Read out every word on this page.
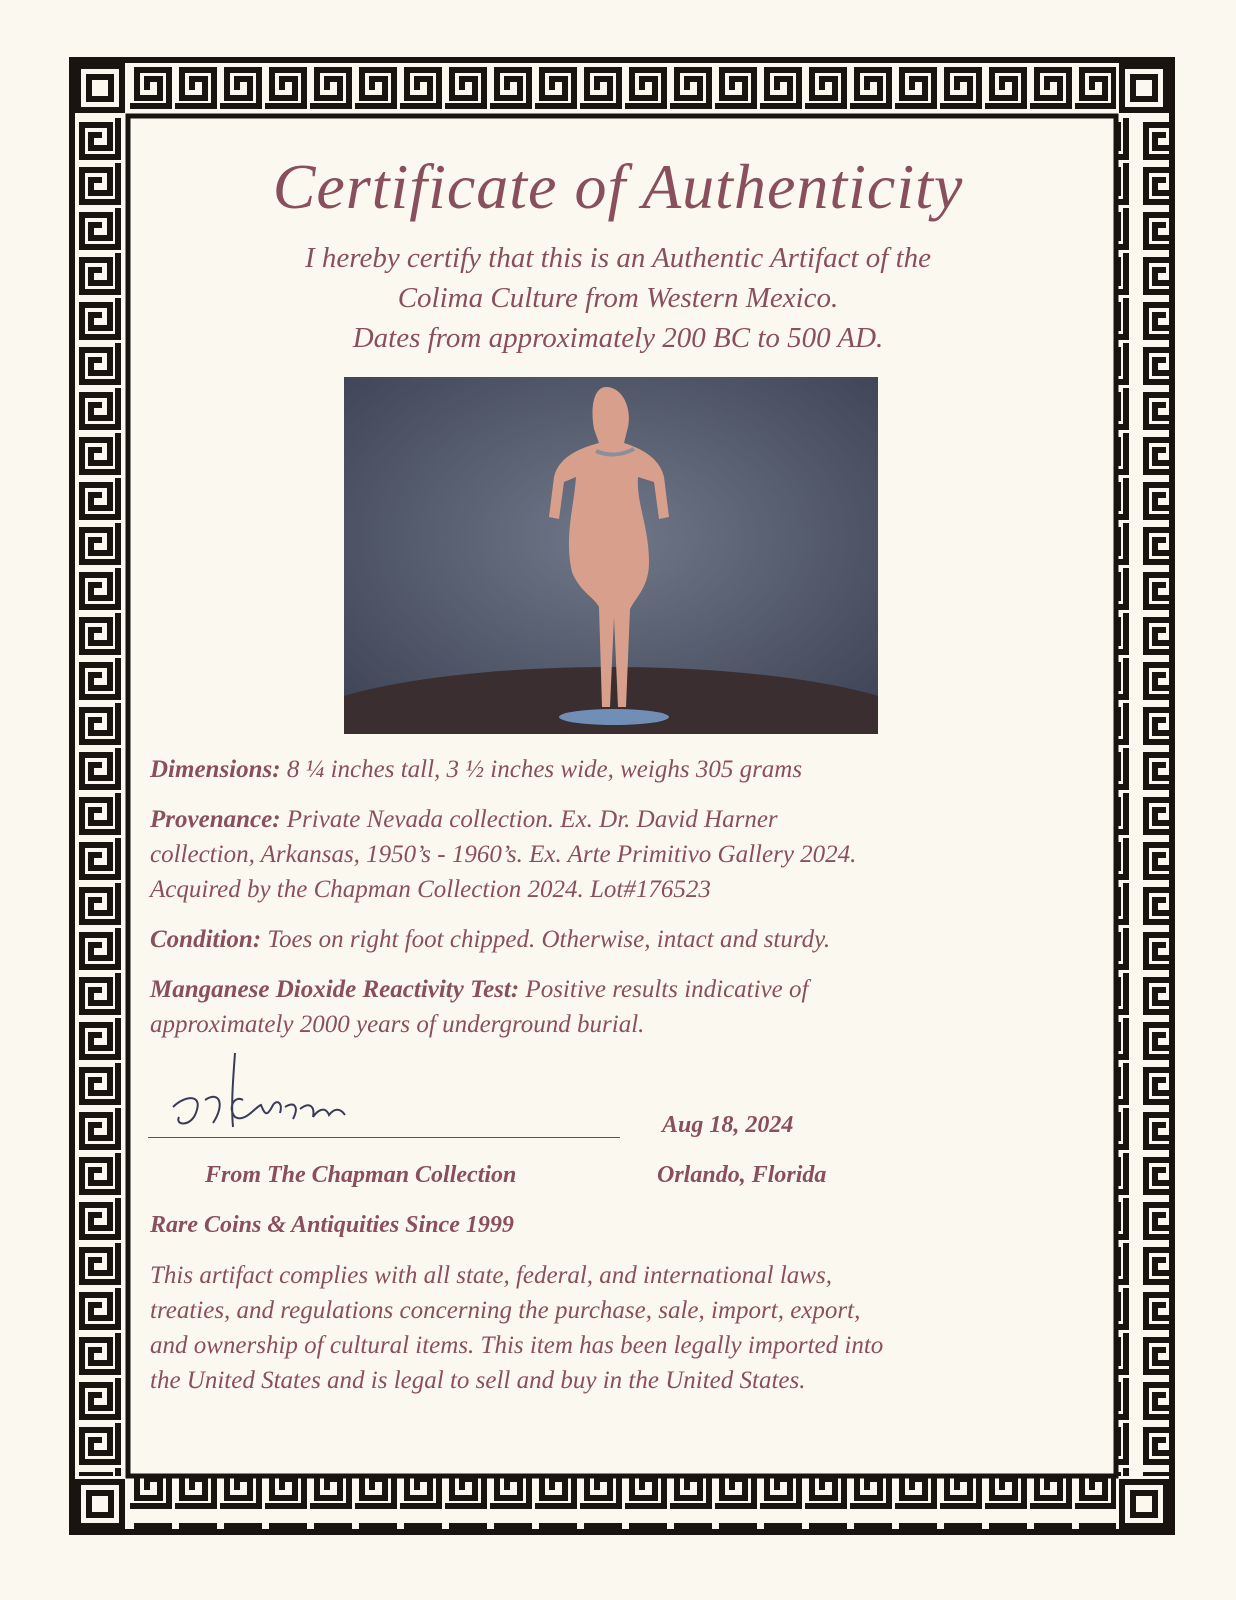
Certificate of Authenticity
I hereby certify that this is an Authentic Artifact of the
Colima Culture from Western Mexico.
Dates from approximately 200 BC to 500 AD.
Dimensions: 8 ¼ inches tall, 3 ½ inches wide, weighs 305 grams
Provenance: Private Nevada collection. Ex. Dr. David Harner
collection, Arkansas, 1950’s - 1960’s. Ex. Arte Primitivo Gallery 2024.
Acquired by the Chapman Collection 2024. Lot#176523
Condition: Toes on right foot chipped. Otherwise, intact and sturdy.
Manganese Dioxide Reactivity Test: Positive results indicative of
approximately 2000 years of underground burial.
Aug 18, 2024
From The Chapman Collection	Orlando, Florida
Rare Coins & Antiquities Since 1999
This artifact complies with all state, federal, and international laws,
treaties, and regulations concerning the purchase, sale, import, export,
and ownership of cultural items. This item has been legally imported into
the United States and is legal to sell and buy in the United States.
